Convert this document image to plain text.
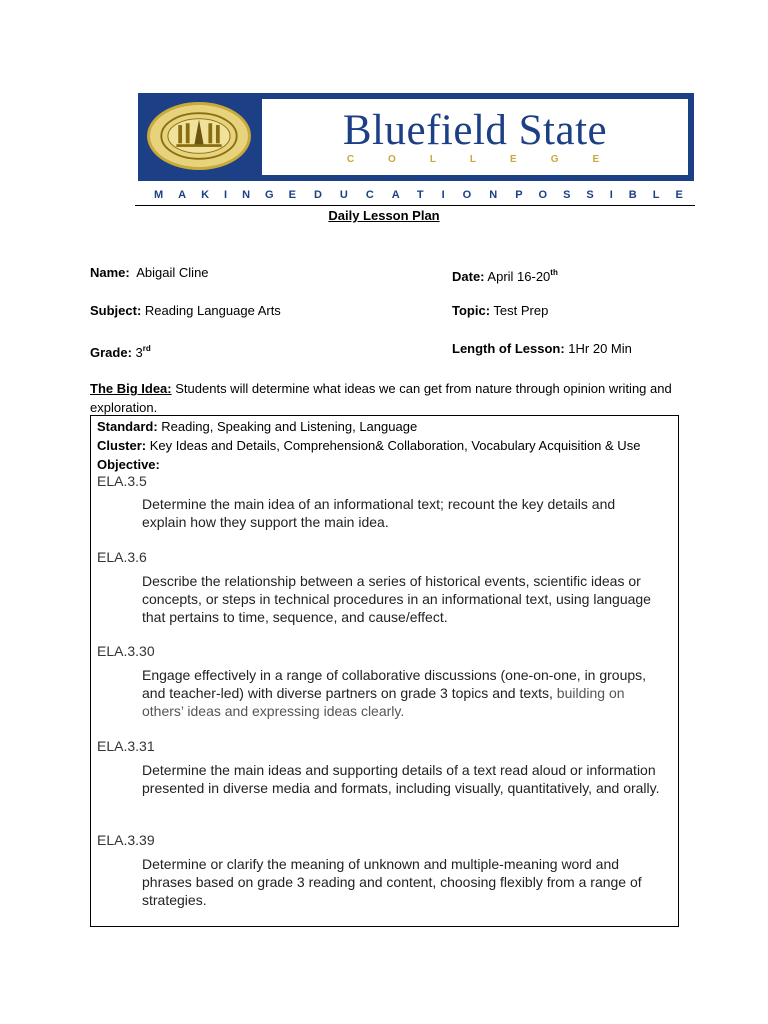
Bluefield State
COLLEGE
MAKING EDUCATION POSSIBLE
Daily Lesson Plan
Name: Abigail Cline	Date: April 16-20th
Subject: Reading Language Arts	Topic: Test Prep
Grade: 3rd	Length of Lesson: 1Hr 20 Min
The Big Idea: Students will determine what ideas we can get from nature through opinion writing and exploration.
Standard: Reading, Speaking and Listening, Language
Cluster: Key Ideas and Details, Comprehension& Collaboration, Vocabulary Acquisition & Use
Objective:
ELA.3.5
Determine the main idea of an informational text; recount the key details and explain how they support the main idea.
ELA.3.6
Describe the relationship between a series of historical events, scientific ideas or concepts, or steps in technical procedures in an informational text, using language that pertains to time, sequence, and cause/effect.
ELA.3.30
Engage effectively in a range of collaborative discussions (one-on-one, in groups, and teacher-led) with diverse partners on grade 3 topics and texts, building on others’ ideas and expressing ideas clearly.
ELA.3.31
Determine the main ideas and supporting details of a text read aloud or information presented in diverse media and formats, including visually, quantitatively, and orally.
ELA.3.39
Determine or clarify the meaning of unknown and multiple-meaning word and phrases based on grade 3 reading and content, choosing flexibly from a range of strategies.
